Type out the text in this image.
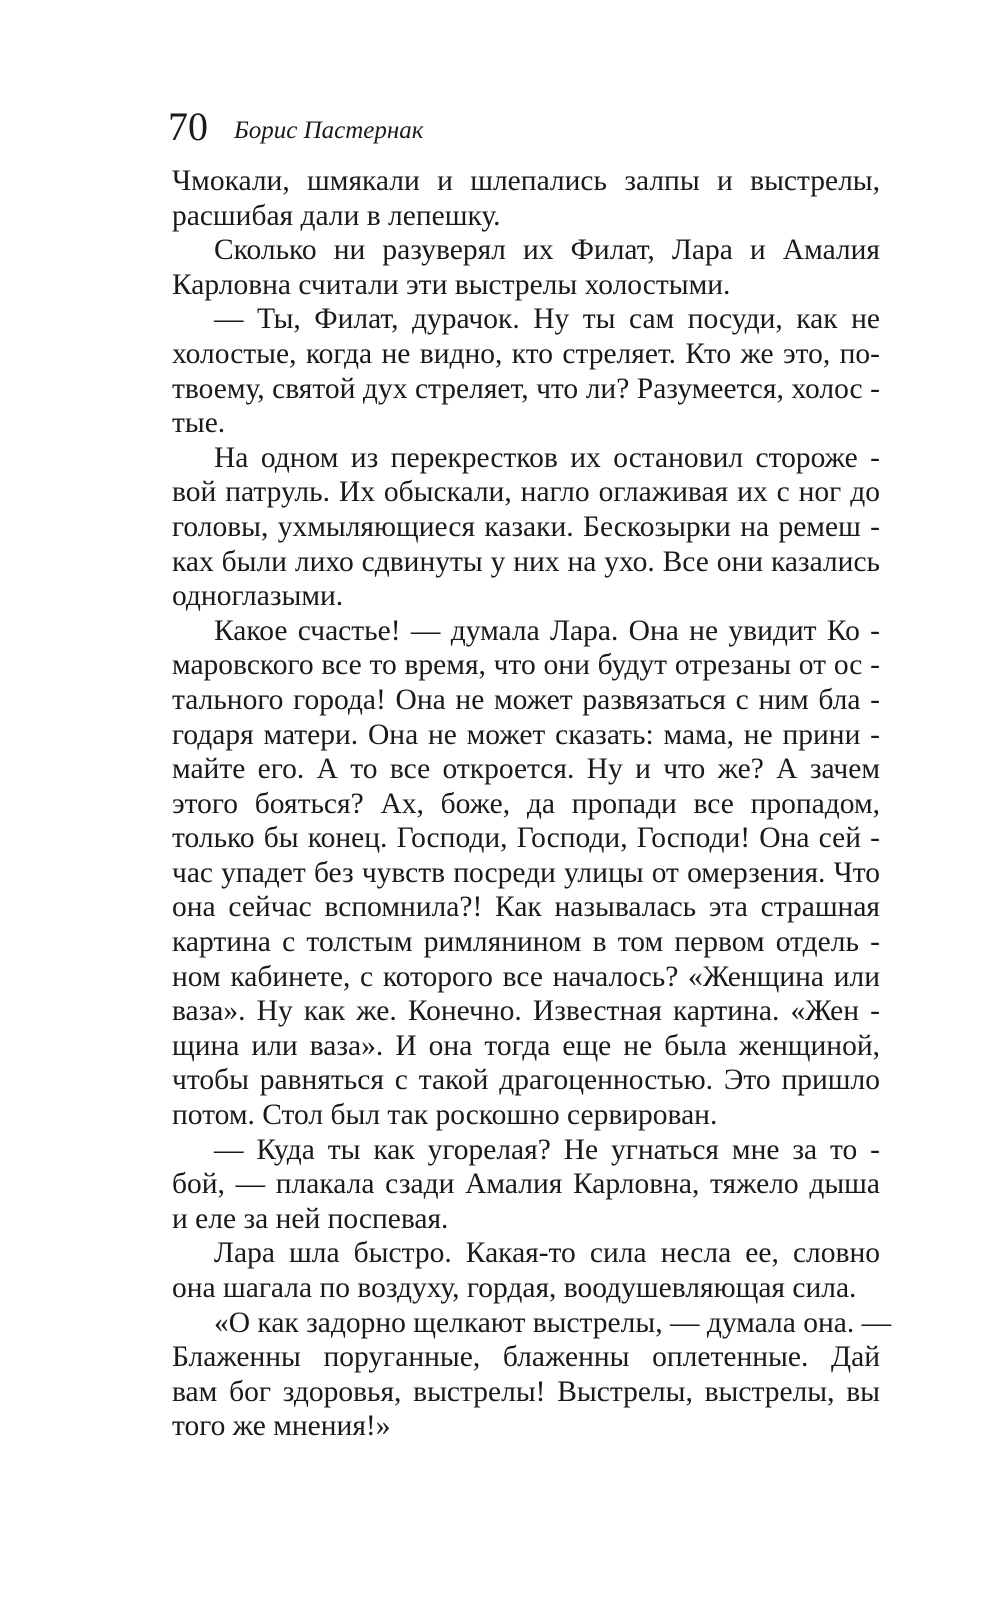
70 Борис Пастернак
Чмокали, шмякали и шлепались залпы и выстрелы,
расшибая дали в лепешку.
Сколько ни разуверял их Филат, Лара и Амалия
Карловна считали эти выстрелы холостыми.
— Ты, Филат, дурачок. Ну ты сам посуди, как не
холостые, когда не видно, кто стреляет. Кто же это, по-
твоему, святой дух стреляет, что ли? Разумеется, холос -
тые.
На одном из перекрестков их остановил стороже -
вой патруль. Их обыскали, нагло оглаживая их с ног до
головы, ухмыляющиеся казаки. Бескозырки на ремеш -
ках были лихо сдвинуты у них на ухо. Все они казались
одноглазыми.
Какое счастье! — думала Лара. Она не увидит Ко -
маровского все то время, что они будут отрезаны от ос -
тального города! Она не может развязаться с ним бла -
годаря матери. Она не может сказать: мама, не прини -
майте его. А то все откроется. Ну и что же? А зачем
этого бояться? Ах, боже, да пропади все пропадом,
только бы конец. Господи, Господи, Господи! Она сей -
час упадет без чувств посреди улицы от омерзения. Что
она сейчас вспомнила?! Как называлась эта страшная
картина с толстым римлянином в том первом отдель -
ном кабинете, с которого все началось? «Женщина или
ваза». Ну как же. Конечно. Известная картина. «Жен -
щина или ваза». И она тогда еще не была женщиной,
чтобы равняться с такой драгоценностью. Это пришло
потом. Стол был так роскошно сервирован.
— Куда ты как угорелая? Не угнаться мне за то -
бой, — плакала сзади Амалия Карловна, тяжело дыша
и еле за ней поспевая.
Лара шла быстро. Какая-то сила несла ее, словно
она шагала по воздуху, гордая, воодушевляющая сила.
«О как задорно щелкают выстрелы, — думала она. —
Блаженны поруганные, блаженны оплетенные. Дай
вам бог здоровья, выстрелы! Выстрелы, выстрелы, вы
того же мнения!»
